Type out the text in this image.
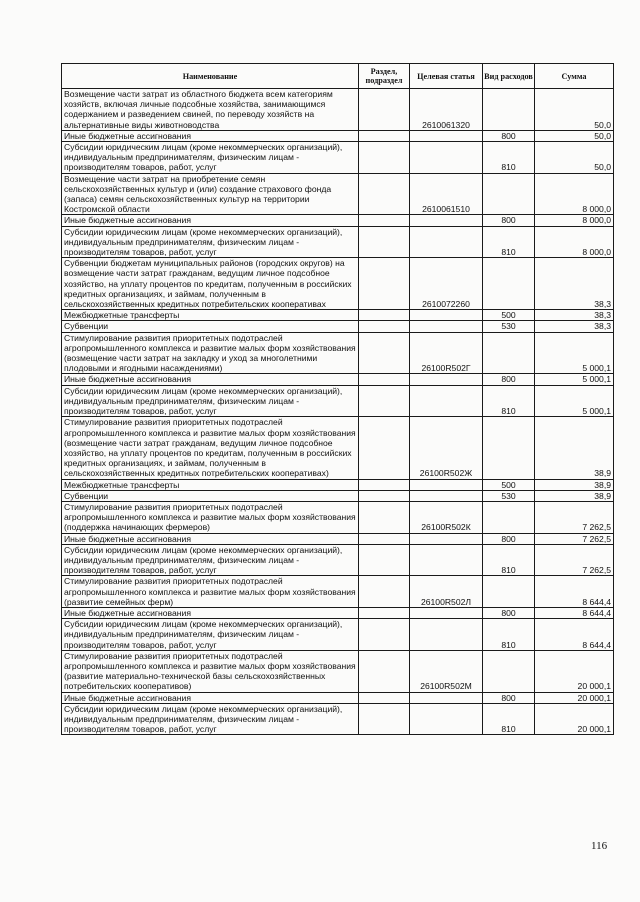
Наименование	Раздел, подраздел	Целевая статья	Вид расходов	Сумма
Возмещение части затрат из областного бюджета всем категориям хозяйств, включая личные подсобные хозяйства, занимающимся содержанием и разведением свиней, по переводу хозяйств на альтернативные виды животноводства		2610061320		50,0
Иные бюджетные ассигнования			800	50,0
Субсидии юридическим лицам (кроме некоммерческих организаций), индивидуальным предпринимателям, физическим лицам - производителям товаров, работ, услуг			810	50,0
Возмещение части затрат на приобретение семян сельскохозяйственных культур и (или) создание страхового фонда (запаса) семян сельскохозяйственных культур на территории Костромской области		2610061510		8 000,0
Иные бюджетные ассигнования			800	8 000,0
Субсидии юридическим лицам (кроме некоммерческих организаций), индивидуальным предпринимателям, физическим лицам - производителям товаров, работ, услуг			810	8 000,0
Субвенции бюджетам муниципальных районов (городских округов) на возмещение части затрат гражданам, ведущим личное подсобное хозяйство, на уплату процентов по кредитам, полученным в российских кредитных организациях, и займам, полученным в сельскохозяйственных кредитных потребительских кооперативах		2610072260		38,3
Межбюджетные трансферты			500	38,3
Субвенции			530	38,3
Стимулирование развития приоритетных подотраслей агропромышленного комплекса и развитие малых форм хозяйствования (возмещение части затрат на закладку и уход за многолетними плодовыми и ягодными насаждениями)		26100R502Г		5 000,1
Иные бюджетные ассигнования			800	5 000,1
Субсидии юридическим лицам (кроме некоммерческих организаций), индивидуальным предпринимателям, физическим лицам - производителям товаров, работ, услуг			810	5 000,1
Стимулирование развития приоритетных подотраслей агропромышленного комплекса и развитие малых форм хозяйствования (возмещение части затрат гражданам, ведущим личное подсобное хозяйство, на уплату процентов по кредитам, полученным в российских кредитных организациях, и займам, полученным в сельскохозяйственных кредитных потребительских кооперативах)		26100R502Ж		38,9
Межбюджетные трансферты			500	38,9
Субвенции			530	38,9
Стимулирование развития приоритетных подотраслей агропромышленного комплекса и развитие малых форм хозяйствования (поддержка начинающих фермеров)		26100R502К		7 262,5
Иные бюджетные ассигнования			800	7 262,5
Субсидии юридическим лицам (кроме некоммерческих организаций), индивидуальным предпринимателям, физическим лицам - производителям товаров, работ, услуг			810	7 262,5
Стимулирование развития приоритетных подотраслей агропромышленного комплекса и развитие малых форм хозяйствования (развитие семейных ферм)		26100R502Л		8 644,4
Иные бюджетные ассигнования			800	8 644,4
Субсидии юридическим лицам (кроме некоммерческих организаций), индивидуальным предпринимателям, физическим лицам - производителям товаров, работ, услуг			810	8 644,4
Стимулирование развития приоритетных подотраслей агропромышленного комплекса и развитие малых форм хозяйствования (развитие материально-технической базы сельскохозяйственных потребительских кооперативов)		26100R502М		20 000,1
Иные бюджетные ассигнования			800	20 000,1
Субсидии юридическим лицам (кроме некоммерческих организаций), индивидуальным предпринимателям, физическим лицам - производителям товаров, работ, услуг			810	20 000,1
116
